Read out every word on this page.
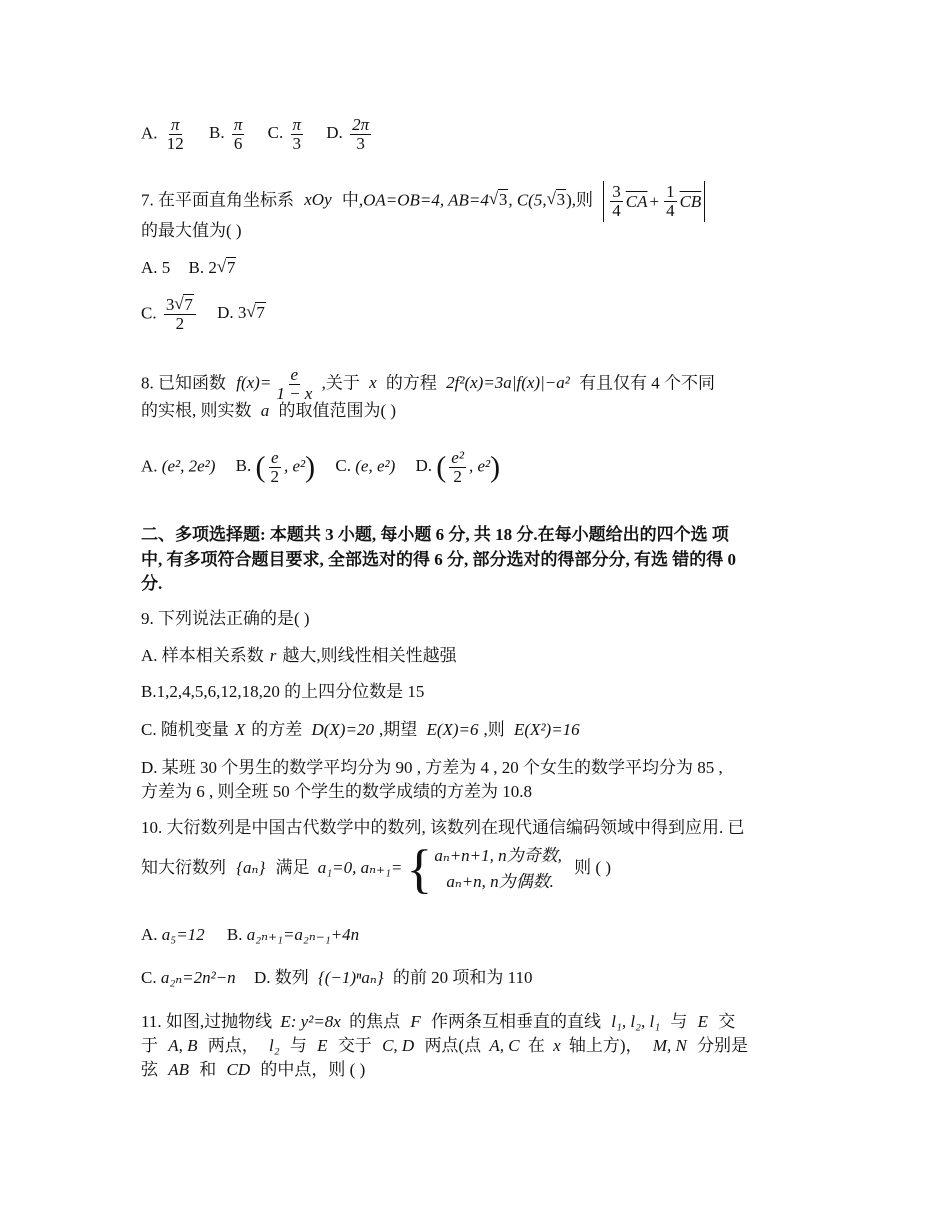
A. $\frac{\pi}{12} B$. $\frac{\pi}{6} C$. $\frac{\pi}{3} D$. $\frac{2\pi}{3}$
7. 在平面直角坐标系 xOy 中,OA=OB=4, AB=4 √ 3, C(5, √ 3),则 $\frac{3}{4} \overline{CA} + \frac{1}{4} \overline{CB}$
的最大值为( )
A. 5 B. 2 √ 7
C. $\frac{3 √ 7}{2} D$. 3 √ 7
8. 已知函数 $f(x)= \frac{e}{1 - x}$ ,关于 x 的方程 2f²(x)=3a|f(x)|−a² 有且仅有 4 个不同
的实根, 则实数 a 的取值范围为( )
A. (e², 2e²) B. ( $\frac{e}{2}$ , e²) C. (e, e²) D. ( $\frac{\text{e²}}{2}$ , e²)
二、多项选择题: 本题共 3 小题, 每小题 6 分, 共 18 分.在每小题给出的四个选 项
中, 有多项符合题目要求, 全部选对的得 6 分, 部分选对的得部分分, 有选 错的得 0
分.
9. 下列说法正确的是( )
A. 样本相关系数 r 越大,则线性相关性越强
B.1,2,4,5,6,12,18,20 的上四分位数是 15
C. 随机变量 X 的方差 D(X)=20 ,期望 E(X)=6 ,则 E(X²)=16
D. 某班 30 个男生的数学平均分为 90 , 方差为 4 , 20 个女生的数学平均分为 85 ,
方差为 6 , 则全班 50 个学生的数学成绩的方差为 10.8
10. 大衍数列是中国古代数学中的数列, 该数列在现代通信编码领域中得到应用. 已
知大衍数列 {aₙ} 满足 a₁=0, aₙ₊₁= { aₙ+n+1, n为奇数,
aₙ+n, n为偶数.
则 ( )
A. a₅=12 B. a₂ₙ₊₁=a₂ₙ₋₁+4n
C. a₂ₙ=2n²−n D. 数列 {(−1)ⁿaₙ} 的前 20 项和为 110
11. 如图,过抛物线 E: y²=8x 的焦点 F 作两条互相垂直的直线 l₁, l₂, l₁ 与 E 交
于 A, B 两点， l₂ 与 E 交于 C, D 两点(点 A, C 在 x 轴上方)， M, N 分别是
弦 AB 和 CD 的中点，则 ( )
